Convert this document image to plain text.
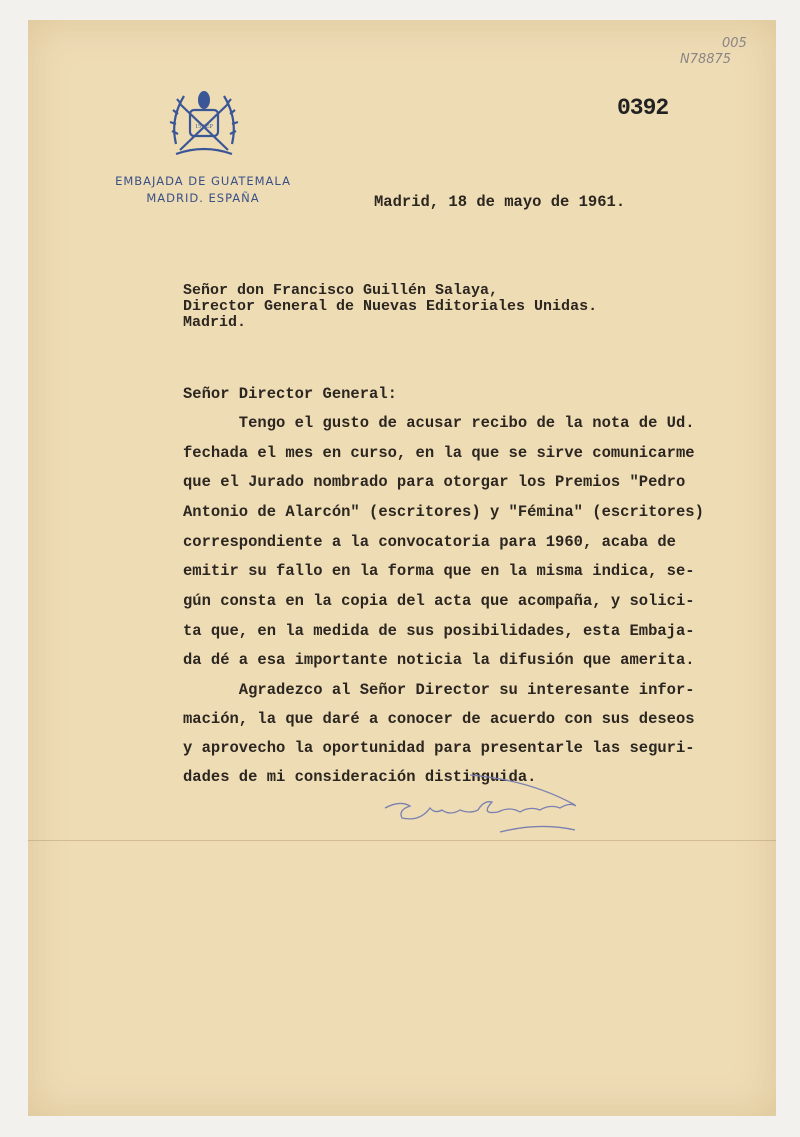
15 SEP
EMBAJADA DE GUATEMALA
MADRID. ESPAÑA
0392
005
N78875
Madrid, 18 de mayo de 1961.
Señor don Francisco Guillén Salaya,
Director General de Nuevas Editoriales Unidas.
Madrid.
Señor Director General:
Tengo el gusto de acusar recibo de la nota de Ud.
fechada el mes en curso, en la que se sirve comunicarme
que el Jurado nombrado para otorgar los Premios "Pedro
Antonio de Alarcón" (escritores) y "Fémina" (escritores)
correspondiente a la convocatoria para 1960, acaba de
emitir su fallo en la forma que en la misma indica, se-
gún consta en la copia del acta que acompaña, y solici-
ta que, en la medida de sus posibilidades, esta Embaja-
da dé a esa importante noticia la difusión que amerita.
Agradezco al Señor Director su interesante infor-
mación, la que daré a conocer de acuerdo con sus deseos
y aprovecho la oportunidad para presentarle las seguri-
dades de mi consideración distinguida.
